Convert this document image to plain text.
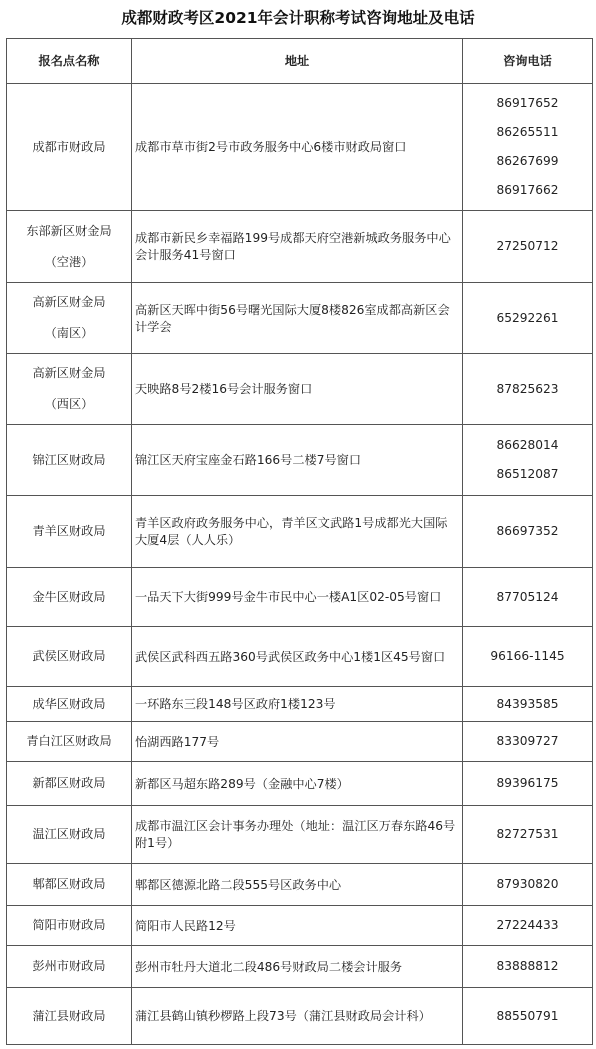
成都财政考区2021年会计职称考试咨询地址及电话
报名点名称	地址	咨询电话

成都市财政局	成都市草市街2号市政务服务中心6楼市财政局窗口	86917652
86265511
86267699
86917662

东部新区财金局
（空港）	成都市新民乡幸福路199号成都天府空港新城政务服务中心会计服务41号窗口	27250712

高新区财金局
（南区）	高新区天晖中街56号曙光国际大厦8楼826室成都高新区会计学会	65292261

高新区财金局
（西区）	天映路8号2楼16号会计服务窗口	87825623

锦江区财政局	锦江区天府宝座金石路166号二楼7号窗口	86628014
86512087

青羊区财政局	青羊区政府政务服务中心，青羊区文武路1号成都光大国际大厦4层（人人乐）	86697352

金牛区财政局	一品天下大街999号金牛市民中心一楼A1区02-05号窗口	87705124

武侯区财政局	武侯区武科西五路360号武侯区政务中心1楼1区45号窗口	96166-1145

成华区财政局	一环路东三段148号区政府1楼123号	84393585

青白江区财政局	怡湖西路177号	83309727

新都区财政局	新都区马超东路289号（金融中心7楼）	89396175

温江区财政局	成都市温江区会计事务办理处（地址：温江区万春东路46号附1号）	82727531

郫都区财政局	郫都区德源北路二段555号区政务中心	87930820

简阳市财政局	简阳市人民路12号	27224433

彭州市财政局	彭州市牡丹大道北二段486号财政局二楼会计服务	83888812

蒲江县财政局	蒲江县鹤山镇秒椤路上段73号（蒲江县财政局会计科）	88550791
